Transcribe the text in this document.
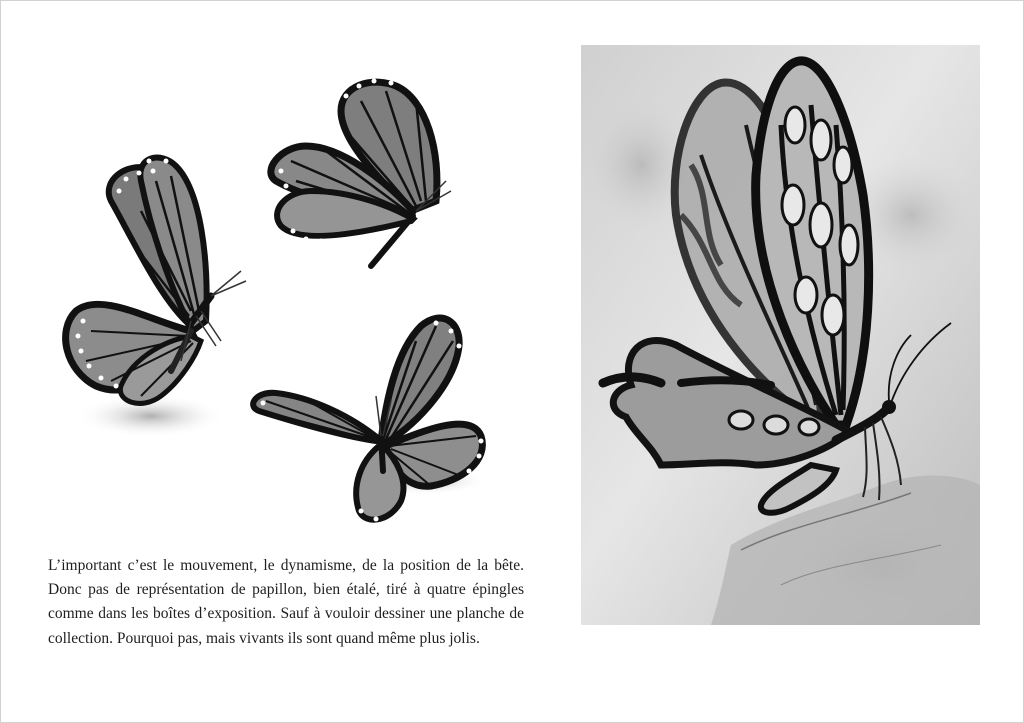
L’important c’est le mouvement, le dynamisme, de la position de la bête. Donc pas de représentation de papillon, bien étalé, tiré à quatre épingles comme dans les boîtes d’exposition. Sauf à vouloir dessiner une planche de collection. Pourquoi pas, mais vivants ils sont quand même plus jolis.
